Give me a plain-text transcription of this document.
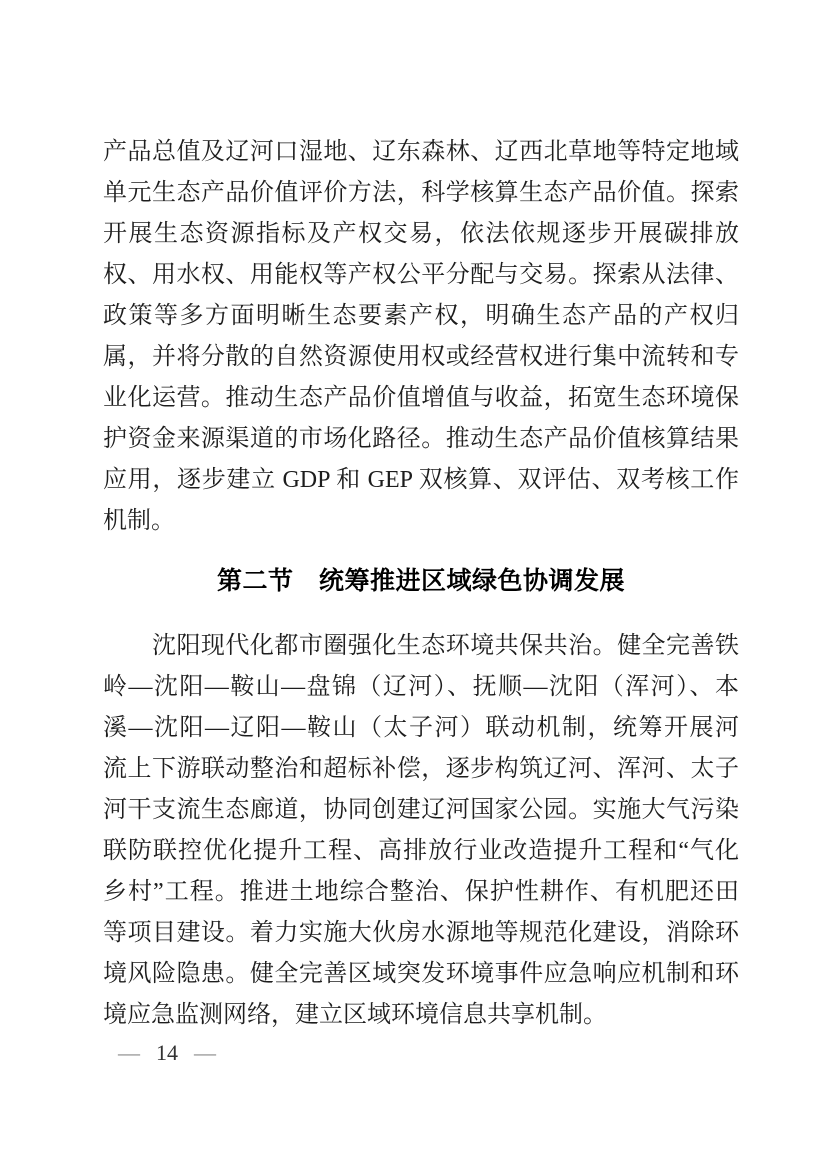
产品总值及辽河口湿地、辽东森林、辽西北草地等特定地域
单元生态产品价值评价方法，科学核算生态产品价值。探索
开展生态资源指标及产权交易，依法依规逐步开展碳排放
权、用水权、用能权等产权公平分配与交易。探索从法律、
政策等多方面明晰生态要素产权，明确生态产品的产权归
属，并将分散的自然资源使用权或经营权进行集中流转和专
业化运营。推动生态产品价值增值与收益，拓宽生态环境保
护资金来源渠道的市场化路径。推动生态产品价值核算结果
应用，逐步建立 GDP 和 GEP 双核算、双评估、双考核工作
机制。
第二节　统筹推进区域绿色协调发展
　　沈阳现代化都市圈强化生态环境共保共治。健全完善铁
岭—沈阳—鞍山—盘锦（辽河）、抚顺—沈阳（浑河）、本
溪—沈阳—辽阳—鞍山（太子河）联动机制，统筹开展河
流上下游联动整治和超标补偿，逐步构筑辽河、浑河、太子
河干支流生态廊道，协同创建辽河国家公园。实施大气污染
联防联控优化提升工程、高排放行业改造提升工程和“气化
乡村”工程。推进土地综合整治、保护性耕作、有机肥还田
等项目建设。着力实施大伙房水源地等规范化建设，消除环
境风险隐患。健全完善区域突发环境事件应急响应机制和环
境应急监测网络，建立区域环境信息共享机制。
— 14 —
